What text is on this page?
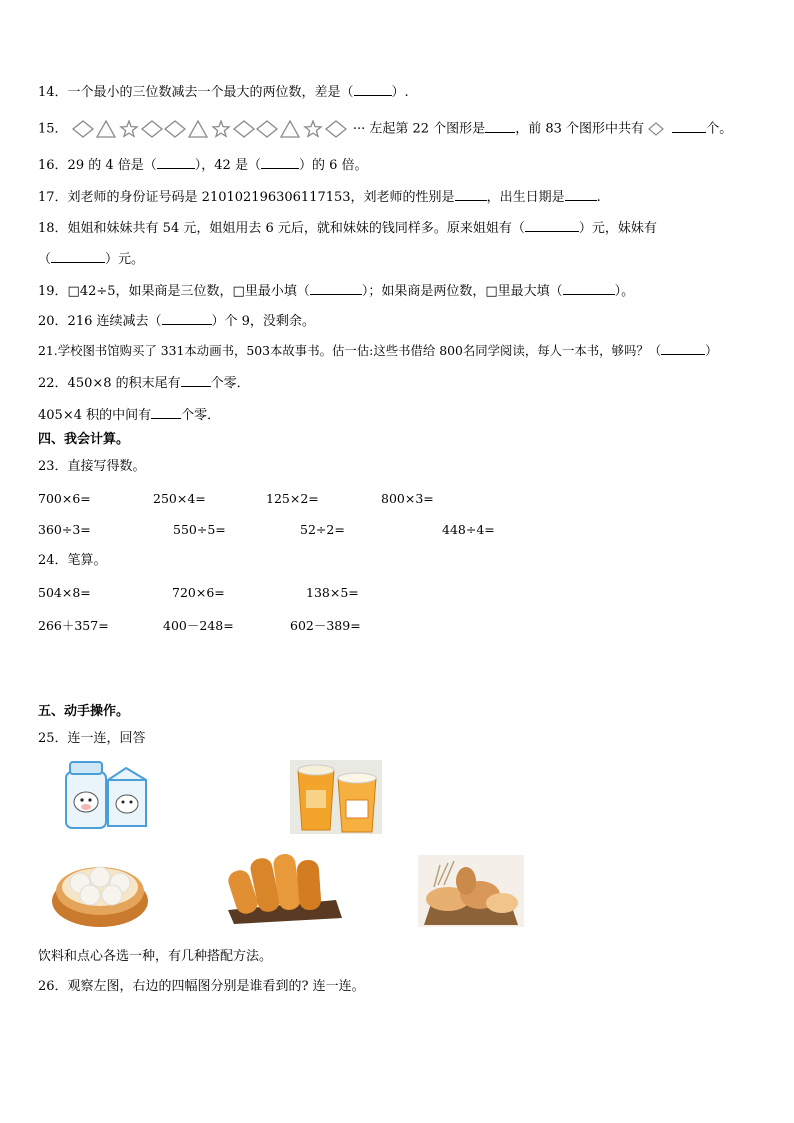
14．一个最小的三位数减去一个最大的两位数，差是（	）.
15．	··· 左起第 22 个图形是 ，前 83 个图形中共有	个。
16．29 的 4 倍是（	），42 是（	）的 6 倍。
17．刘老师的身份证号码是 210102196306117153，刘老师的性别是 ，出生日期是 .
18．姐姐和妹妹共有 54 元，姐姐用去 6 元后，就和妹妹的钱同样多。原来姐姐有（	）元，妹妹有
（	）元。
19．□42÷5，如果商是三位数，□里最小填（	）；如果商是两位数，□里最大填（	）。
20．216 连续减去（	）个 9，没剩余。
21.学校图书馆购买了 331本动画书，503本故事书。估一估:这些书借给 800名同学阅读，每人一本书，够吗？（	）
22．450×8 的积末尾有 个零．
405×4 积的中间有 个零．
四、我会计算。
23．直接写得数。
700×6=	250×4=	125×2=	800×3=
360÷3=	550÷5=	52÷2=	448÷4=
24．笔算。
504×8=	720×6=	138×5=
266＋357=	400－248=	602－389=
五、动手操作。
25．连一连，回答
饮料和点心各选一种，有几种搭配方法。
26．观察左图，右边的四幅图分别是谁看到的? 连一连。
